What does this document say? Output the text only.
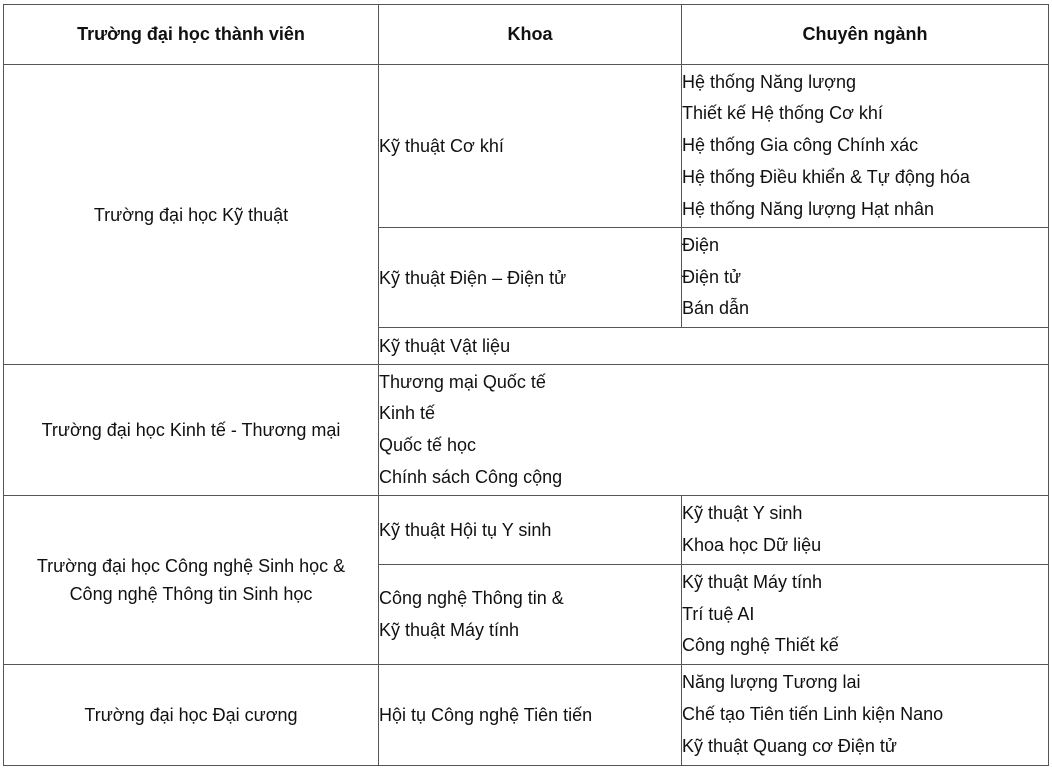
Trường đại học thành viên	Khoa	Chuyên ngành
Trường đại học Kỹ thuật	Kỹ thuật Cơ khí	Hệ thống Năng lượng
Thiết kế Hệ thống Cơ khí
Hệ thống Gia công Chính xác
Hệ thống Điều khiển & Tự động hóa
Hệ thống Năng lượng Hạt nhân

	Kỹ thuật Điện – Điện tử	Điện
Điện tử
Bán dẫn

	Kỹ thuật Vật liệu	
Trường đại học Kinh tế - Thương mại	Thương mại Quốc tế
Kinh tế
Quốc tế học
Chính sách Công cộng	

Trường đại học Công nghệ Sinh học &
Công nghệ Thông tin Sinh học	Kỹ thuật Hội tụ Y sinh	Kỹ thuật Y sinh
Khoa học Dữ liệu

	Công nghệ Thông tin &
Kỹ thuật Máy tính	Kỹ thuật Máy tính
Trí tuệ AI
Công nghệ Thiết kế

Trường đại học Đại cương	Hội tụ Công nghệ Tiên tiến	Năng lượng Tương lai
Chế tạo Tiên tiến Linh kiện Nano
Kỹ thuật Quang cơ Điện tử
